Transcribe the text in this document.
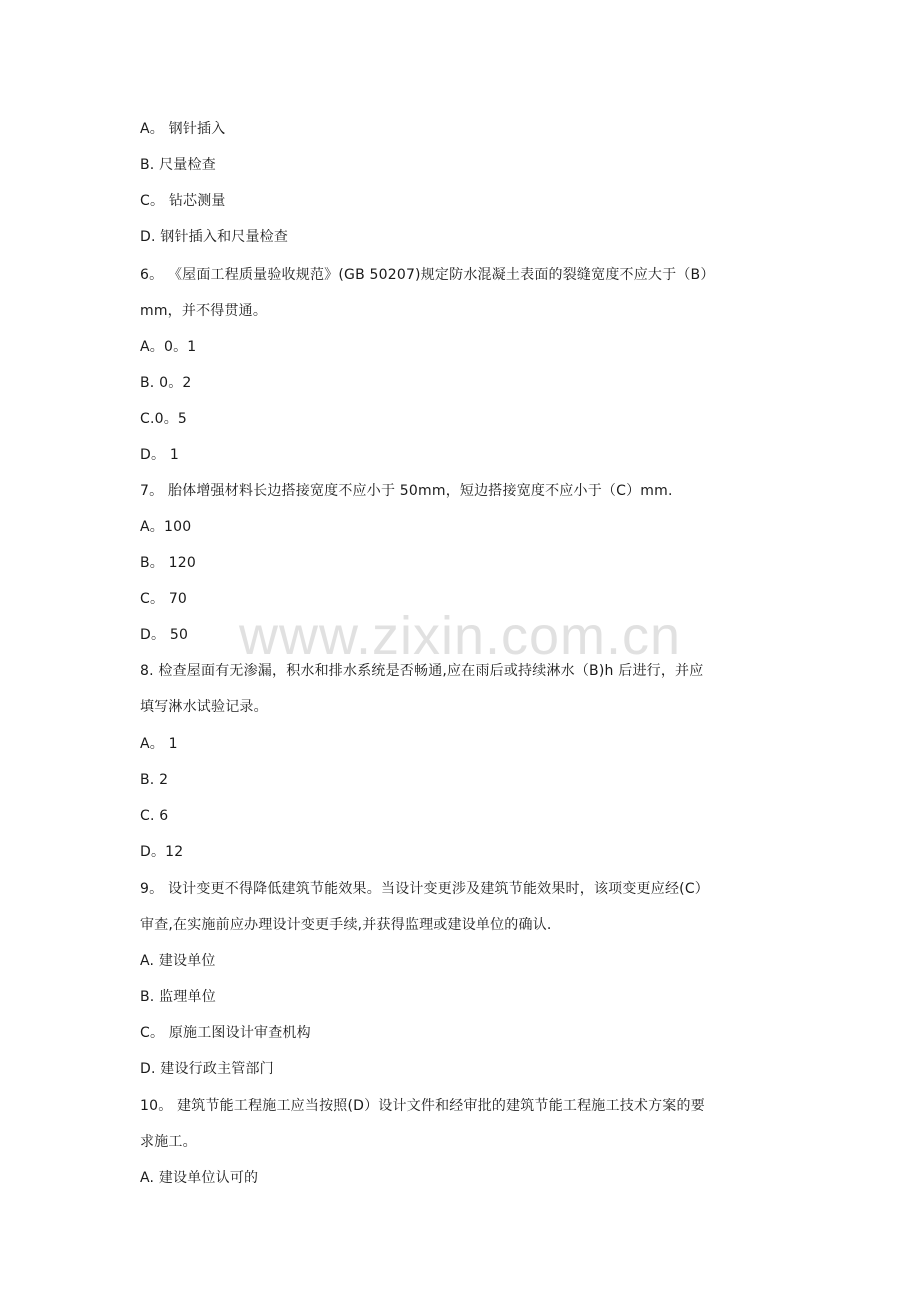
A。 钢针插入
B. 尺量检查
C。 钻芯测量
D. 钢针插入和尺量检查
6。 《屋面工程质量验收规范》(GB 50207)规定防水混凝土表面的裂缝宽度不应大于（B）
mm，并不得贯通。
A。0。1
B. 0。2
C.0。5
D。 1
7。 胎体增强材料长边搭接宽度不应小于 50mm，短边搭接宽度不应小于（C）mm.
A。100
B。 120
C。 70
D。 50
8. 检查屋面有无渗漏，积水和排水系统是否畅通,应在雨后或持续淋水（B)h 后进行，并应
填写淋水试验记录。
A。 1
B. 2
C. 6
D。12
9。 设计变更不得降低建筑节能效果。当设计变更涉及建筑节能效果时，该项变更应经(C）
审查,在实施前应办理设计变更手续,并获得监理或建设单位的确认.
A. 建设单位
B. 监理单位
C。 原施工图设计审查机构
D. 建设行政主管部门
10。 建筑节能工程施工应当按照(D）设计文件和经审批的建筑节能工程施工技术方案的要
求施工。
A. 建设单位认可的
www.zixin.com.cn
